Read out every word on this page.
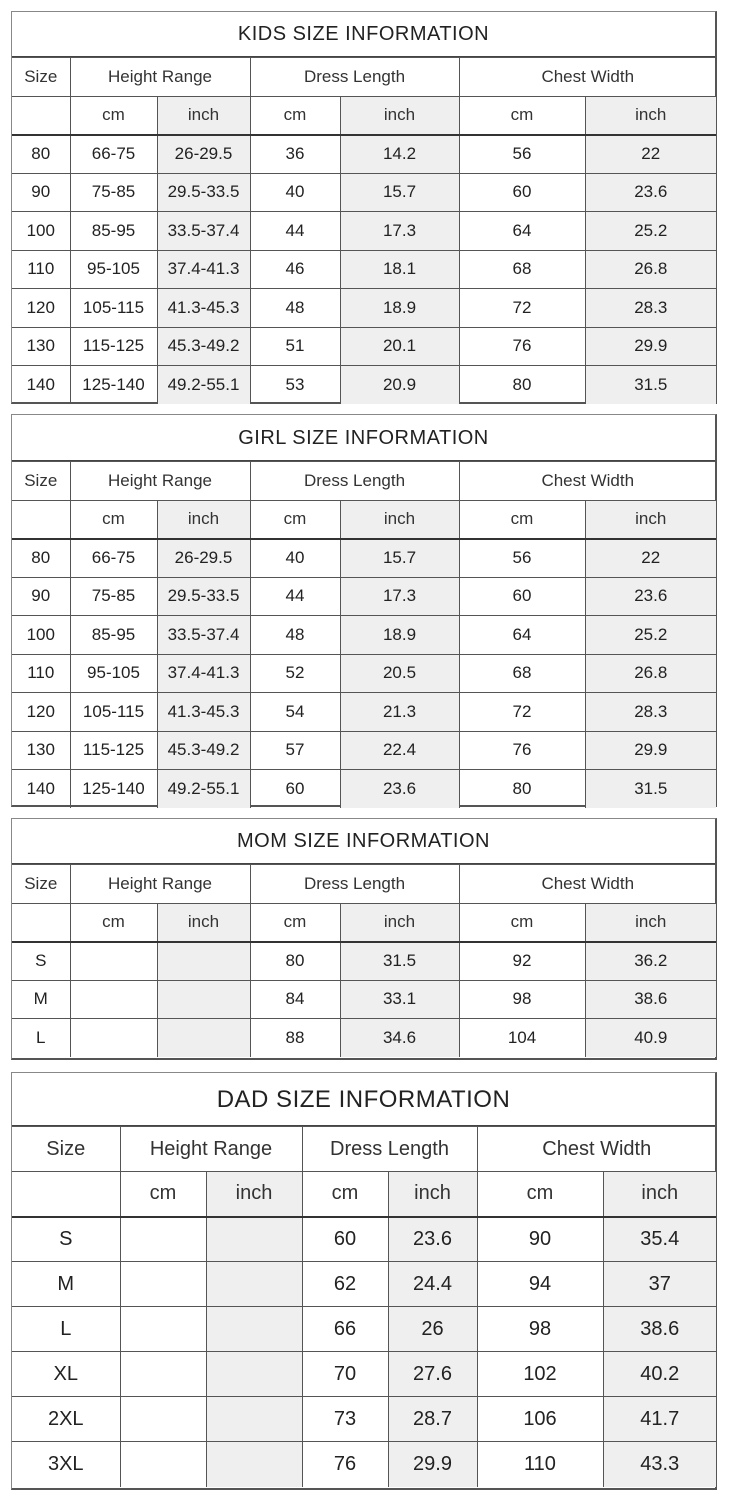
KIDS SIZE INFORMATION
Size	Height Range		Dress Length		Chest Width	
	cm	inch	cm	inch	cm	inch
80	66-75	26-29.5	36	14.2	56	22
90	75-85	29.5-33.5	40	15.7	60	23.6
100	85-95	33.5-37.4	44	17.3	64	25.2
110	95-105	37.4-41.3	46	18.1	68	26.8
120	105-115	41.3-45.3	48	18.9	72	28.3
130	115-125	45.3-49.2	51	20.1	76	29.9
140	125-140	49.2-55.1	53	20.9	80	31.5
GIRL SIZE INFORMATION
Size	Height Range		Dress Length		Chest Width	
	cm	inch	cm	inch	cm	inch
80	66-75	26-29.5	40	15.7	56	22
90	75-85	29.5-33.5	44	17.3	60	23.6
100	85-95	33.5-37.4	48	18.9	64	25.2
110	95-105	37.4-41.3	52	20.5	68	26.8
120	105-115	41.3-45.3	54	21.3	72	28.3
130	115-125	45.3-49.2	57	22.4	76	29.9
140	125-140	49.2-55.1	60	23.6	80	31.5
MOM SIZE INFORMATION
Size	Height Range		Dress Length		Chest Width	
	cm	inch	cm	inch	cm	inch
S			80	31.5	92	36.2
M			84	33.1	98	38.6
L			88	34.6	104	40.9
DAD SIZE INFORMATION
Size	Height Range		Dress Length		Chest Width	
	cm	inch	cm	inch	cm	inch
S			60	23.6	90	35.4
M			62	24.4	94	37
L			66	26	98	38.6
XL			70	27.6	102	40.2
2XL			73	28.7	106	41.7
3XL			76	29.9	110	43.3
